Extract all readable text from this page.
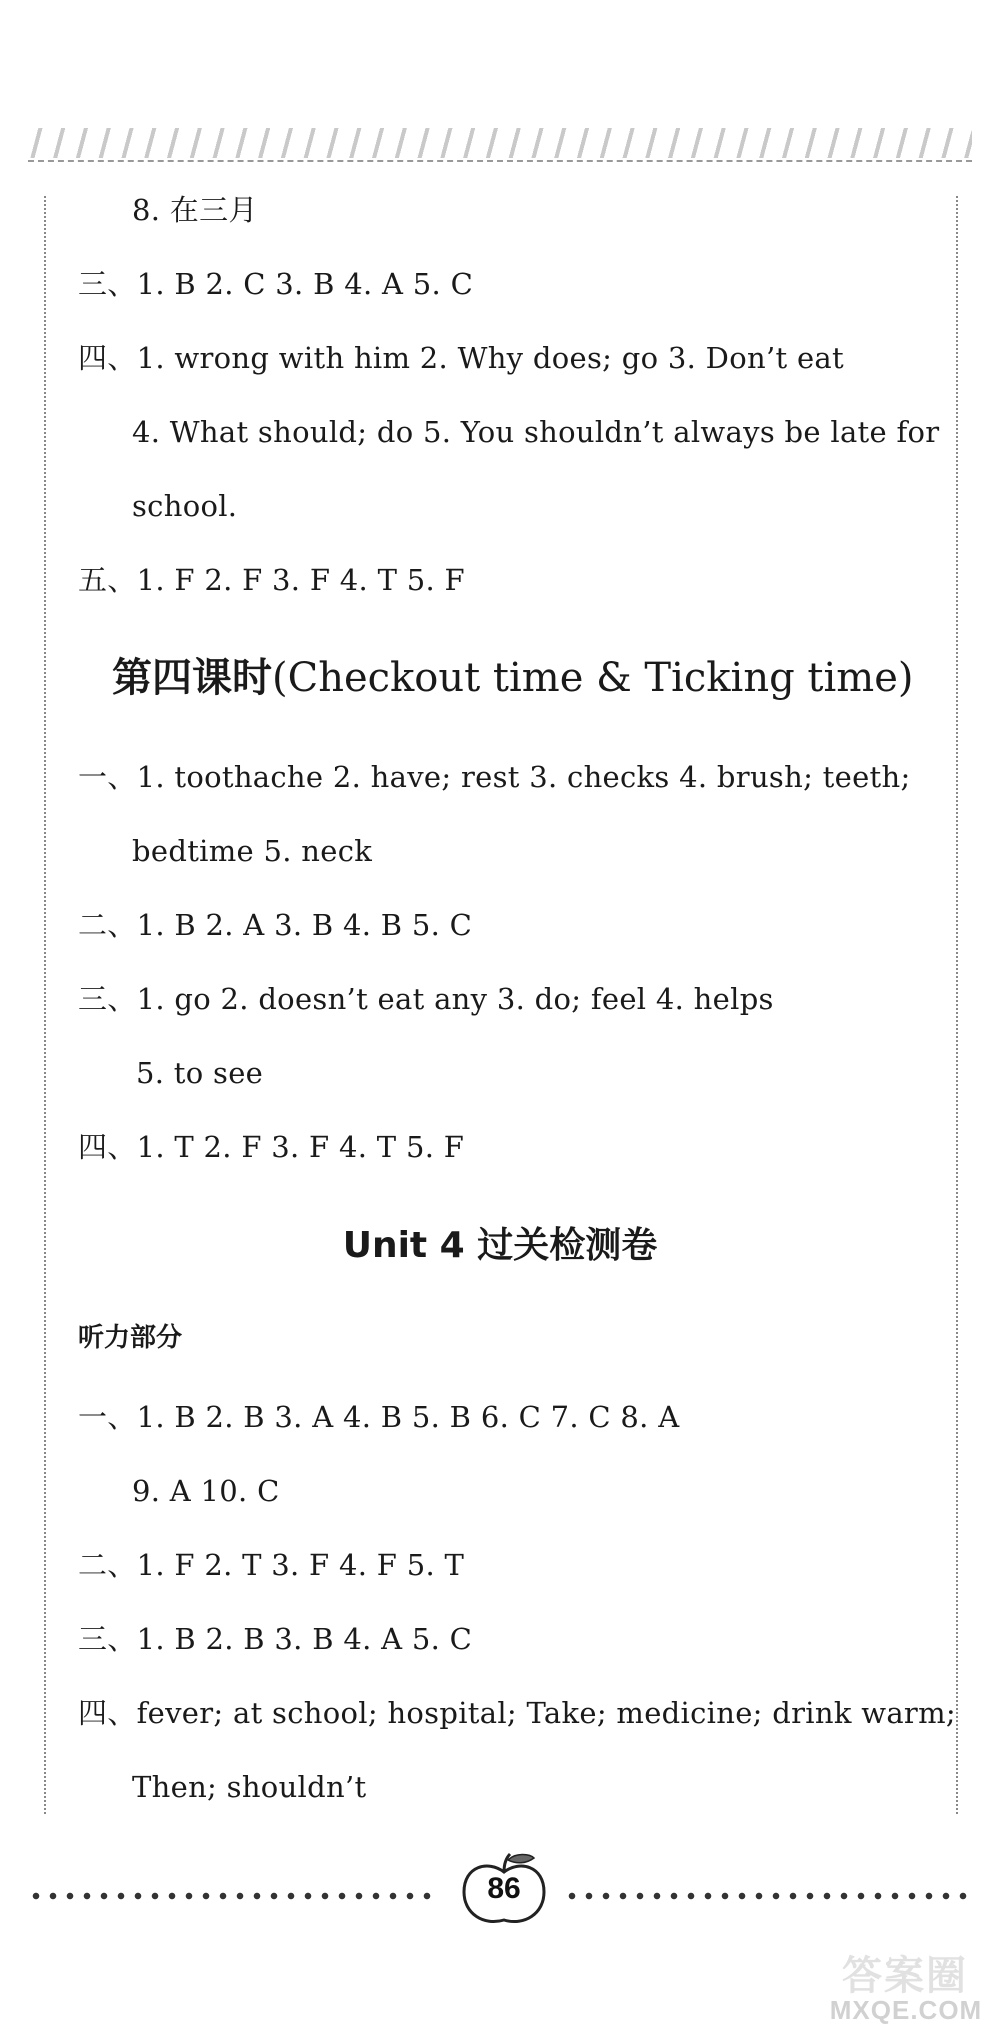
8. 在三月
三、1. B 2. C 3. B 4. A 5. C
四、1. wrong with him 2. Why does; go 3. Don’t eat
4. What should; do 5. You shouldn’t always be late for
school.
五、1. F 2. F 3. F 4. T 5. F
第四课时(Checkout time & Ticking time)
一、1. toothache 2. have; rest 3. checks 4. brush; teeth;
bedtime 5. neck
二、1. B 2. A 3. B 4. B 5. C
三、1. go 2. doesn’t eat any 3. do; feel 4. helps
5. to see
四、1. T 2. F 3. F 4. T 5. F
Unit 4 过关检测卷
听力部分
一、1. B 2. B 3. A 4. B 5. B 6. C 7. C 8. A
9. A 10. C
二、1. F 2. T 3. F 4. F 5. T
三、1. B 2. B 3. B 4. A 5. C
四、fever; at school; hospital; Take; medicine; drink warm;
Then; shouldn’t
86
答案圈
MXQE.COM
